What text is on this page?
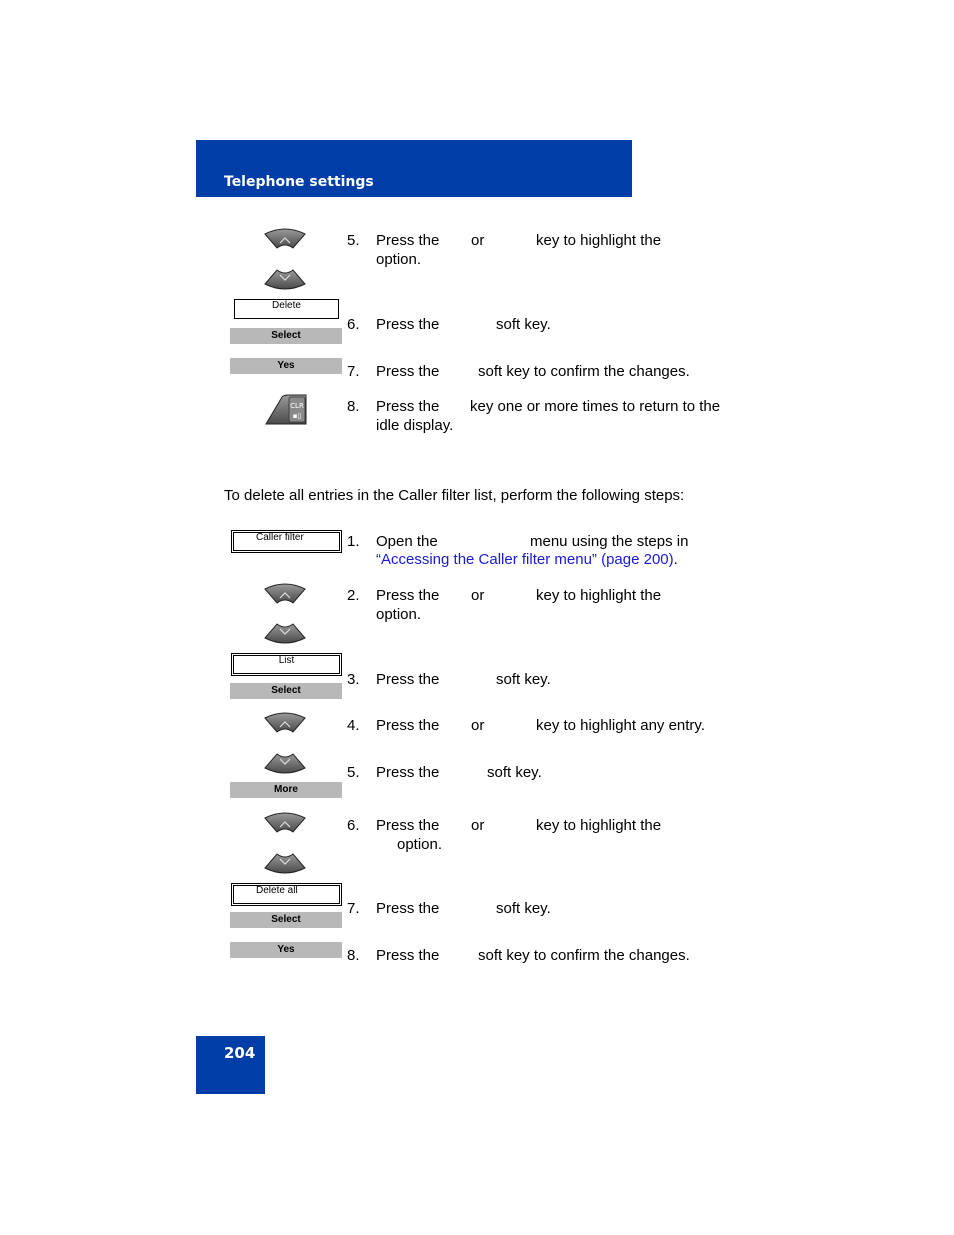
Telephone settings
5. Press the or	key to highlight the
option.
Delete
Select
6. Press the	soft key.
Yes	7. Press the	soft key to confirm the changes.
CLR
▪▯
8. Press the key one or more times to return to the
idle display.
To delete all entries in the Caller filter list, perform the following steps:
Caller filter	1. Open the	menu using the steps in
“Accessing the Caller filter menu” (page 200).
2. Press the or	key to highlight the
option.
List
Select
3. Press the	soft key.
4. Press the or	key to highlight any entry.
5. Press the	soft key.
More
6. Press the or	key to highlight the
option.
Delete all
Select
7. Press the	soft key.
Yes	8. Press the	soft key to confirm the changes.
204
